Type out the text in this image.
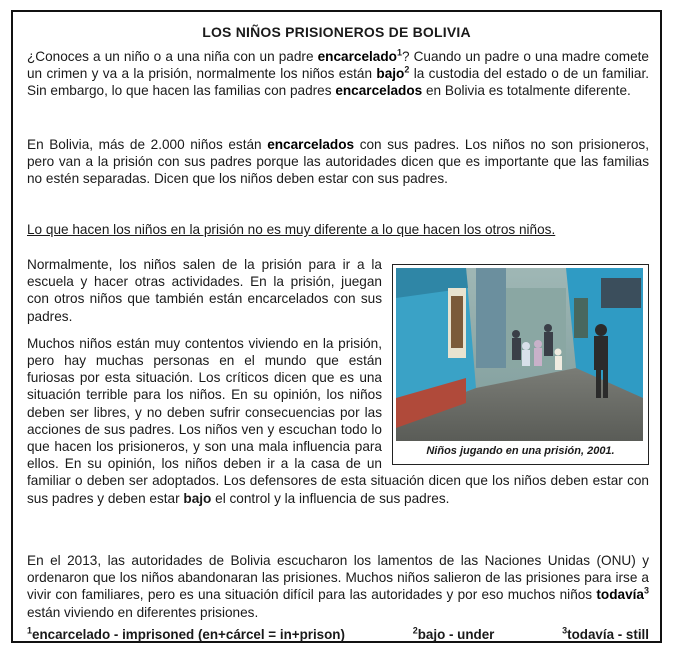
LOS NIÑOS PRISIONEROS DE BOLIVIA
¿Conoces a un niño o a una niña con un padre encarcelado$^1$? Cuando un padre o una madre comete un crimen y va a la prisión, normalmente los niños están bajo$^2$ la custodia del estado o de un familiar. Sin embargo, lo que hacen las familias con padres encarcelados en Bolivia es totalmente diferente.
En Bolivia, más de 2.000 niños están encarcelados con sus padres. Los niños no son prisioneros, pero van a la prisión con sus padres porque las autoridades dicen que es importante que las familias no estén separadas. Dicen que los niños deben estar con sus padres.
Lo que hacen los niños en la prisión no es muy diferente a lo que hacen los otros niños.
Niños jugando en una prisión, 2001.

Normalmente, los niños salen de la prisión para ir a la escuela y hacer otras actividades. En la prisión, juegan con otros niños que también están encarcelados con sus padres.

Muchos niños están muy contentos viviendo en la prisión, pero hay muchas personas en el mundo que están furiosas por esta situación. Los críticos dicen que es una situación terrible para los niños. En su opinión, los niños deben ser libres, y no deben sufrir consecuencias por las acciones de sus padres. Los niños ven y escuchan todo lo que hacen los prisioneros, y son una mala influencia para ellos. En su opinión, los niños deben ir a la casa de un familiar o deben ser adoptados. Los defensores de esta situación dicen que los niños deben estar con sus padres y deben estar bajo el control y la influencia de sus padres.

En el 2013, las autoridades de Bolivia escucharon los lamentos de las Naciones Unidas (ONU) y ordenaron que los niños abandonaran las prisiones. Muchos niños salieron de las prisiones para irse a vivir con familiares, pero es una situación difícil para las autoridades y por eso muchos niños todavía$^3$ están viviendo en diferentes prisiones.
$^1$encarcelado - imprisoned (en+cárcel = in+prison)	$^2$bajo - under	$^3$todavía - still
